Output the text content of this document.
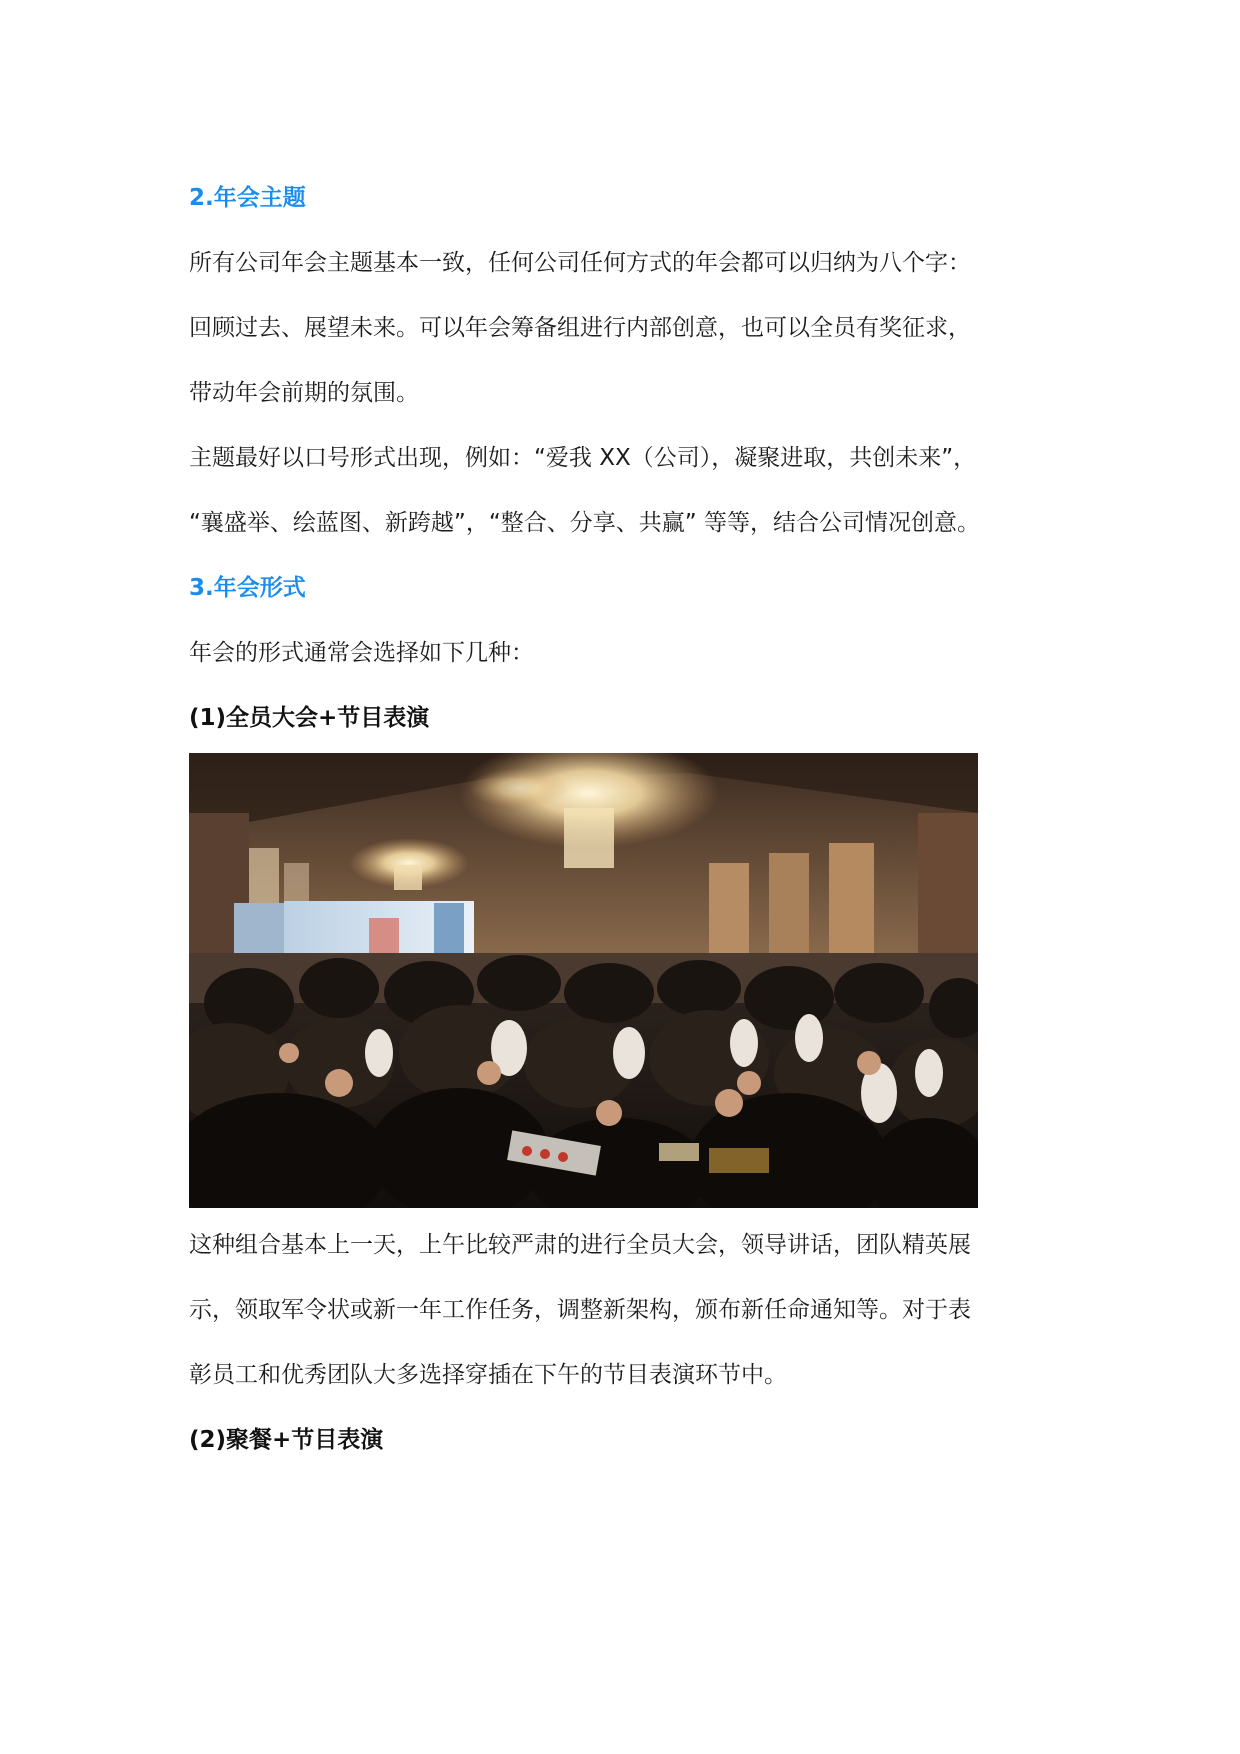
2.年会主题

所有公司年会主题基本一致，任何公司任何方式的年会都可以归纳为八个字：

回顾过去、展望未来。可以年会筹备组进行内部创意，也可以全员有奖征求，

带动年会前期的氛围。

主题最好以口号形式出现，例如：“爱我 XX（公司），凝聚进取，共创未来”，

“襄盛举、绘蓝图、新跨越”，“整合、分享、共赢” 等等，结合公司情况创意。

3.年会形式

年会的形式通常会选择如下几种：

(1)全员大会+节目表演

这种组合基本上一天，上午比较严肃的进行全员大会，领导讲话，团队精英展

示，领取军令状或新一年工作任务，调整新架构，颁布新任命通知等。对于表

彰员工和优秀团队大多选择穿插在下午的节目表演环节中。

(2)聚餐+节目表演
